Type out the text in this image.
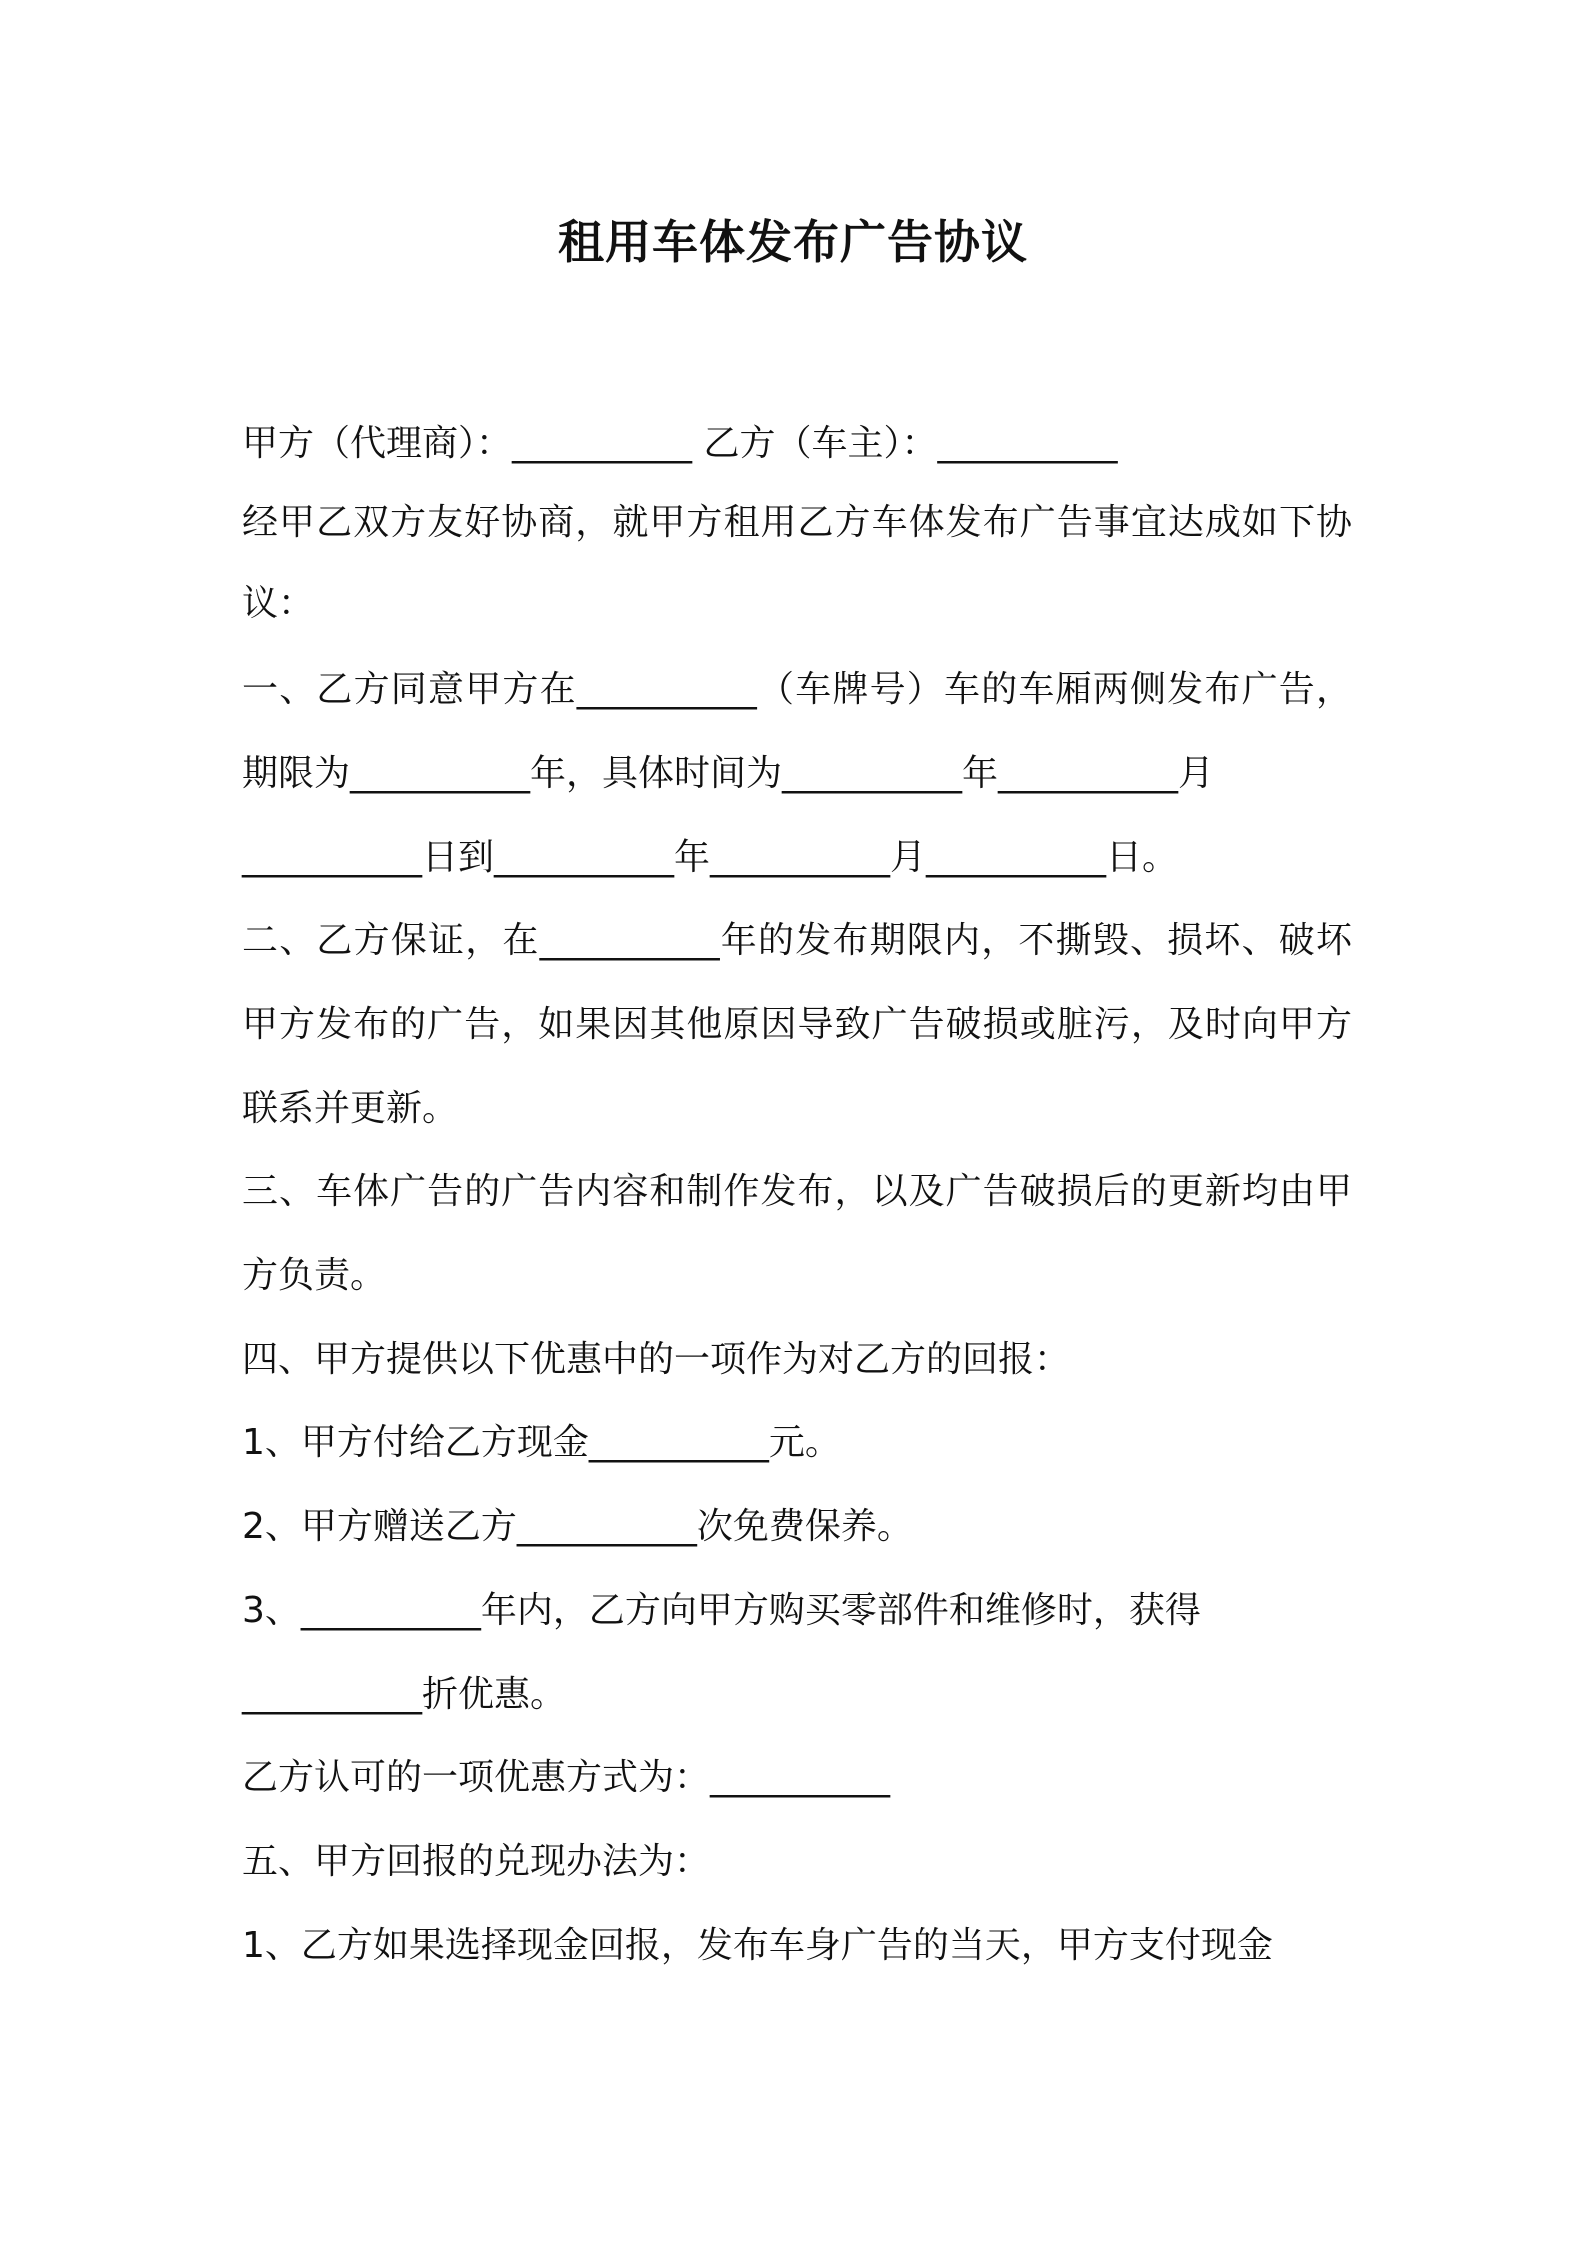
租用车体发布广告协议

甲方（代理商）：__________ 乙方（车主）：__________

经甲乙双方友好协商，就甲方租用乙方车体发布广告事宜达成如下协

议：

一、乙方同意甲方在__________（车牌号）车的车厢两侧发布广告，

期限为__________年，具体时间为__________年__________月

__________日到__________年__________月__________日。

二、乙方保证，在__________年的发布期限内，不撕毁、损坏、破坏

甲方发布的广告，如果因其他原因导致广告破损或脏污，及时向甲方

联系并更新。

三、车体广告的广告内容和制作发布，以及广告破损后的更新均由甲

方负责。

四、甲方提供以下优惠中的一项作为对乙方的回报：

1、甲方付给乙方现金__________元。

2、甲方赠送乙方__________次免费保养。

3、__________年内，乙方向甲方购买零部件和维修时，获得

__________折优惠。

乙方认可的一项优惠方式为：__________

五、甲方回报的兑现办法为：

1、乙方如果选择现金回报，发布车身广告的当天，甲方支付现金
